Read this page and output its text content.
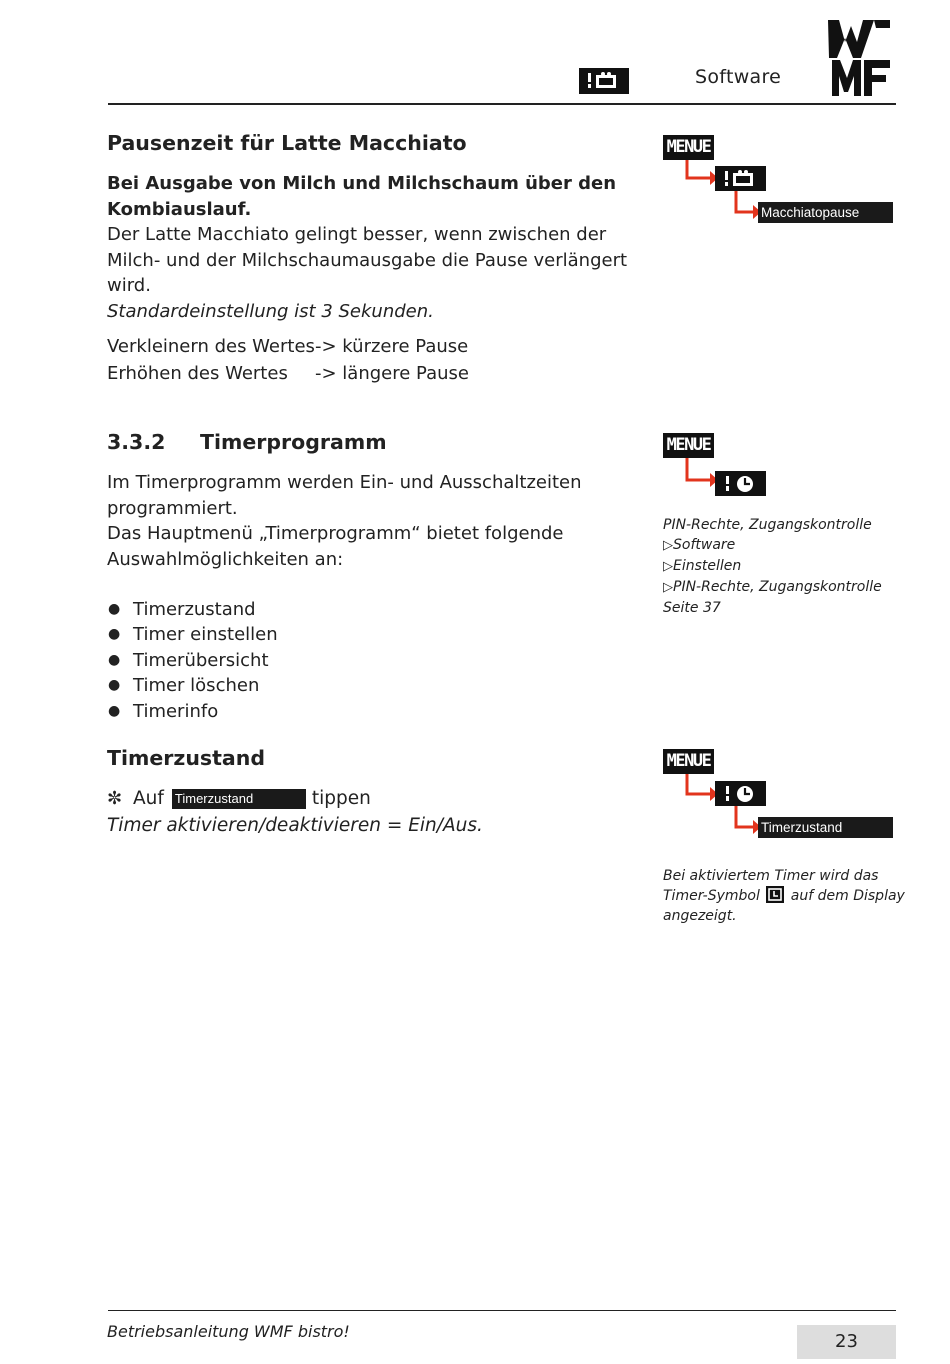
Software
Pausenzeit für Latte Macchiato
Bei Ausgabe von Milch und Milchschaum über den
Kombiauslauf.
Der Latte Macchiato gelingt besser, wenn zwischen der
Milch- und der Milchschaumausgabe die Pause verlängert
wird.
Standardeinstellung ist 3 Sekunden.
Verkleinern des Wertes -> kürzere Pause
Erhöhen des Wertes	-> längere Pause
MENUE
Macchiatopause
3.3.2 Timerprogramm
Im Timerprogramm werden Ein- und Ausschaltzeiten
programmiert.
Das Hauptmenü „Timerprogramm“ bietet folgende
Auswahlmöglichkeiten an:
● Timerzustand
● Timer einstellen
● Timerübersicht
● Timer löschen
● Timerinfo
MENUE
PIN-Rechte, Zugangskontrolle
▷Software
▷Einstellen
▷PIN-Rechte, Zugangskontrolle
Seite 37
Timerzustand
✼ Auf Timerzustand	tippen
Timer aktivieren/deaktivieren = Ein/Aus.
MENUE
Timerzustand
Bei aktiviertem Timer wird das
Timer-Symbol auf dem Display
angezeigt.
Betriebsanleitung WMF bistro!	23
